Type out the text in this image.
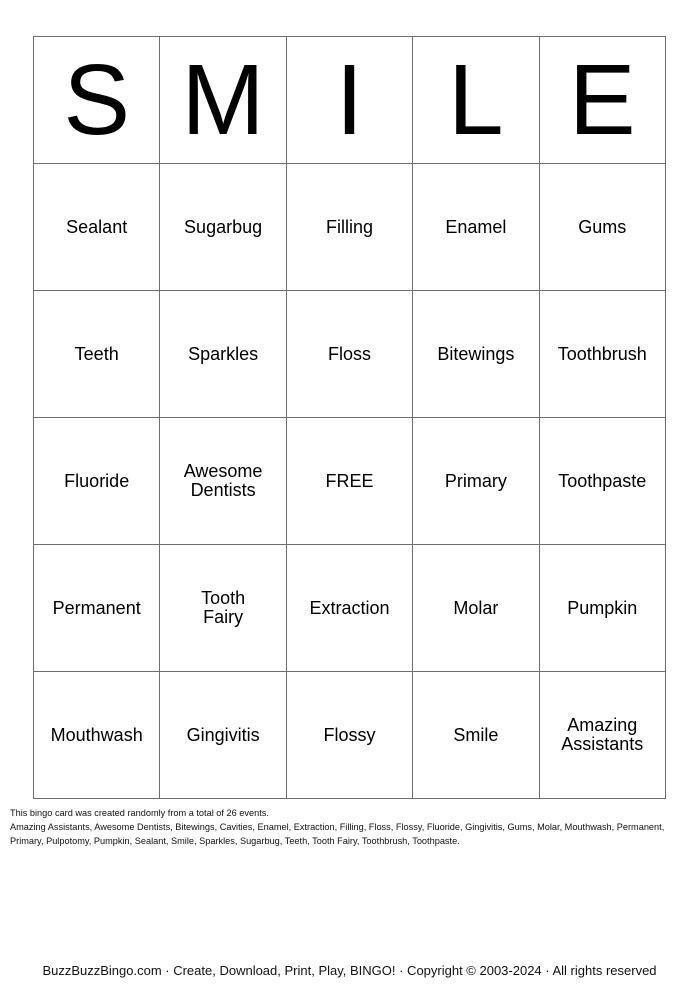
S	M	I	L	E
Sealant	Sugarbug	Filling	Enamel	Gums
Teeth	Sparkles	Floss	Bitewings	Toothbrush
Fluoride	Awesome Dentists	FREE	Primary	Toothpaste
Permanent	Tooth Fairy	Extraction	Molar	Pumpkin
Mouthwash	Gingivitis	Flossy	Smile	Amazing Assistants
This bingo card was created randomly from a total of 26 events.
Amazing Assistants, Awesome Dentists, Bitewings, Cavities, Enamel, Extraction, Filling, Floss, Flossy, Fluoride, Gingivitis, Gums, Molar, Mouthwash, Permanent, Primary, Pulpotomy, Pumpkin, Sealant, Smile, Sparkles, Sugarbug, Teeth, Tooth Fairy, Toothbrush, Toothpaste.
BuzzBuzzBingo.com · Create, Download, Print, Play, BINGO! · Copyright © 2003-2024 · All rights reserved
